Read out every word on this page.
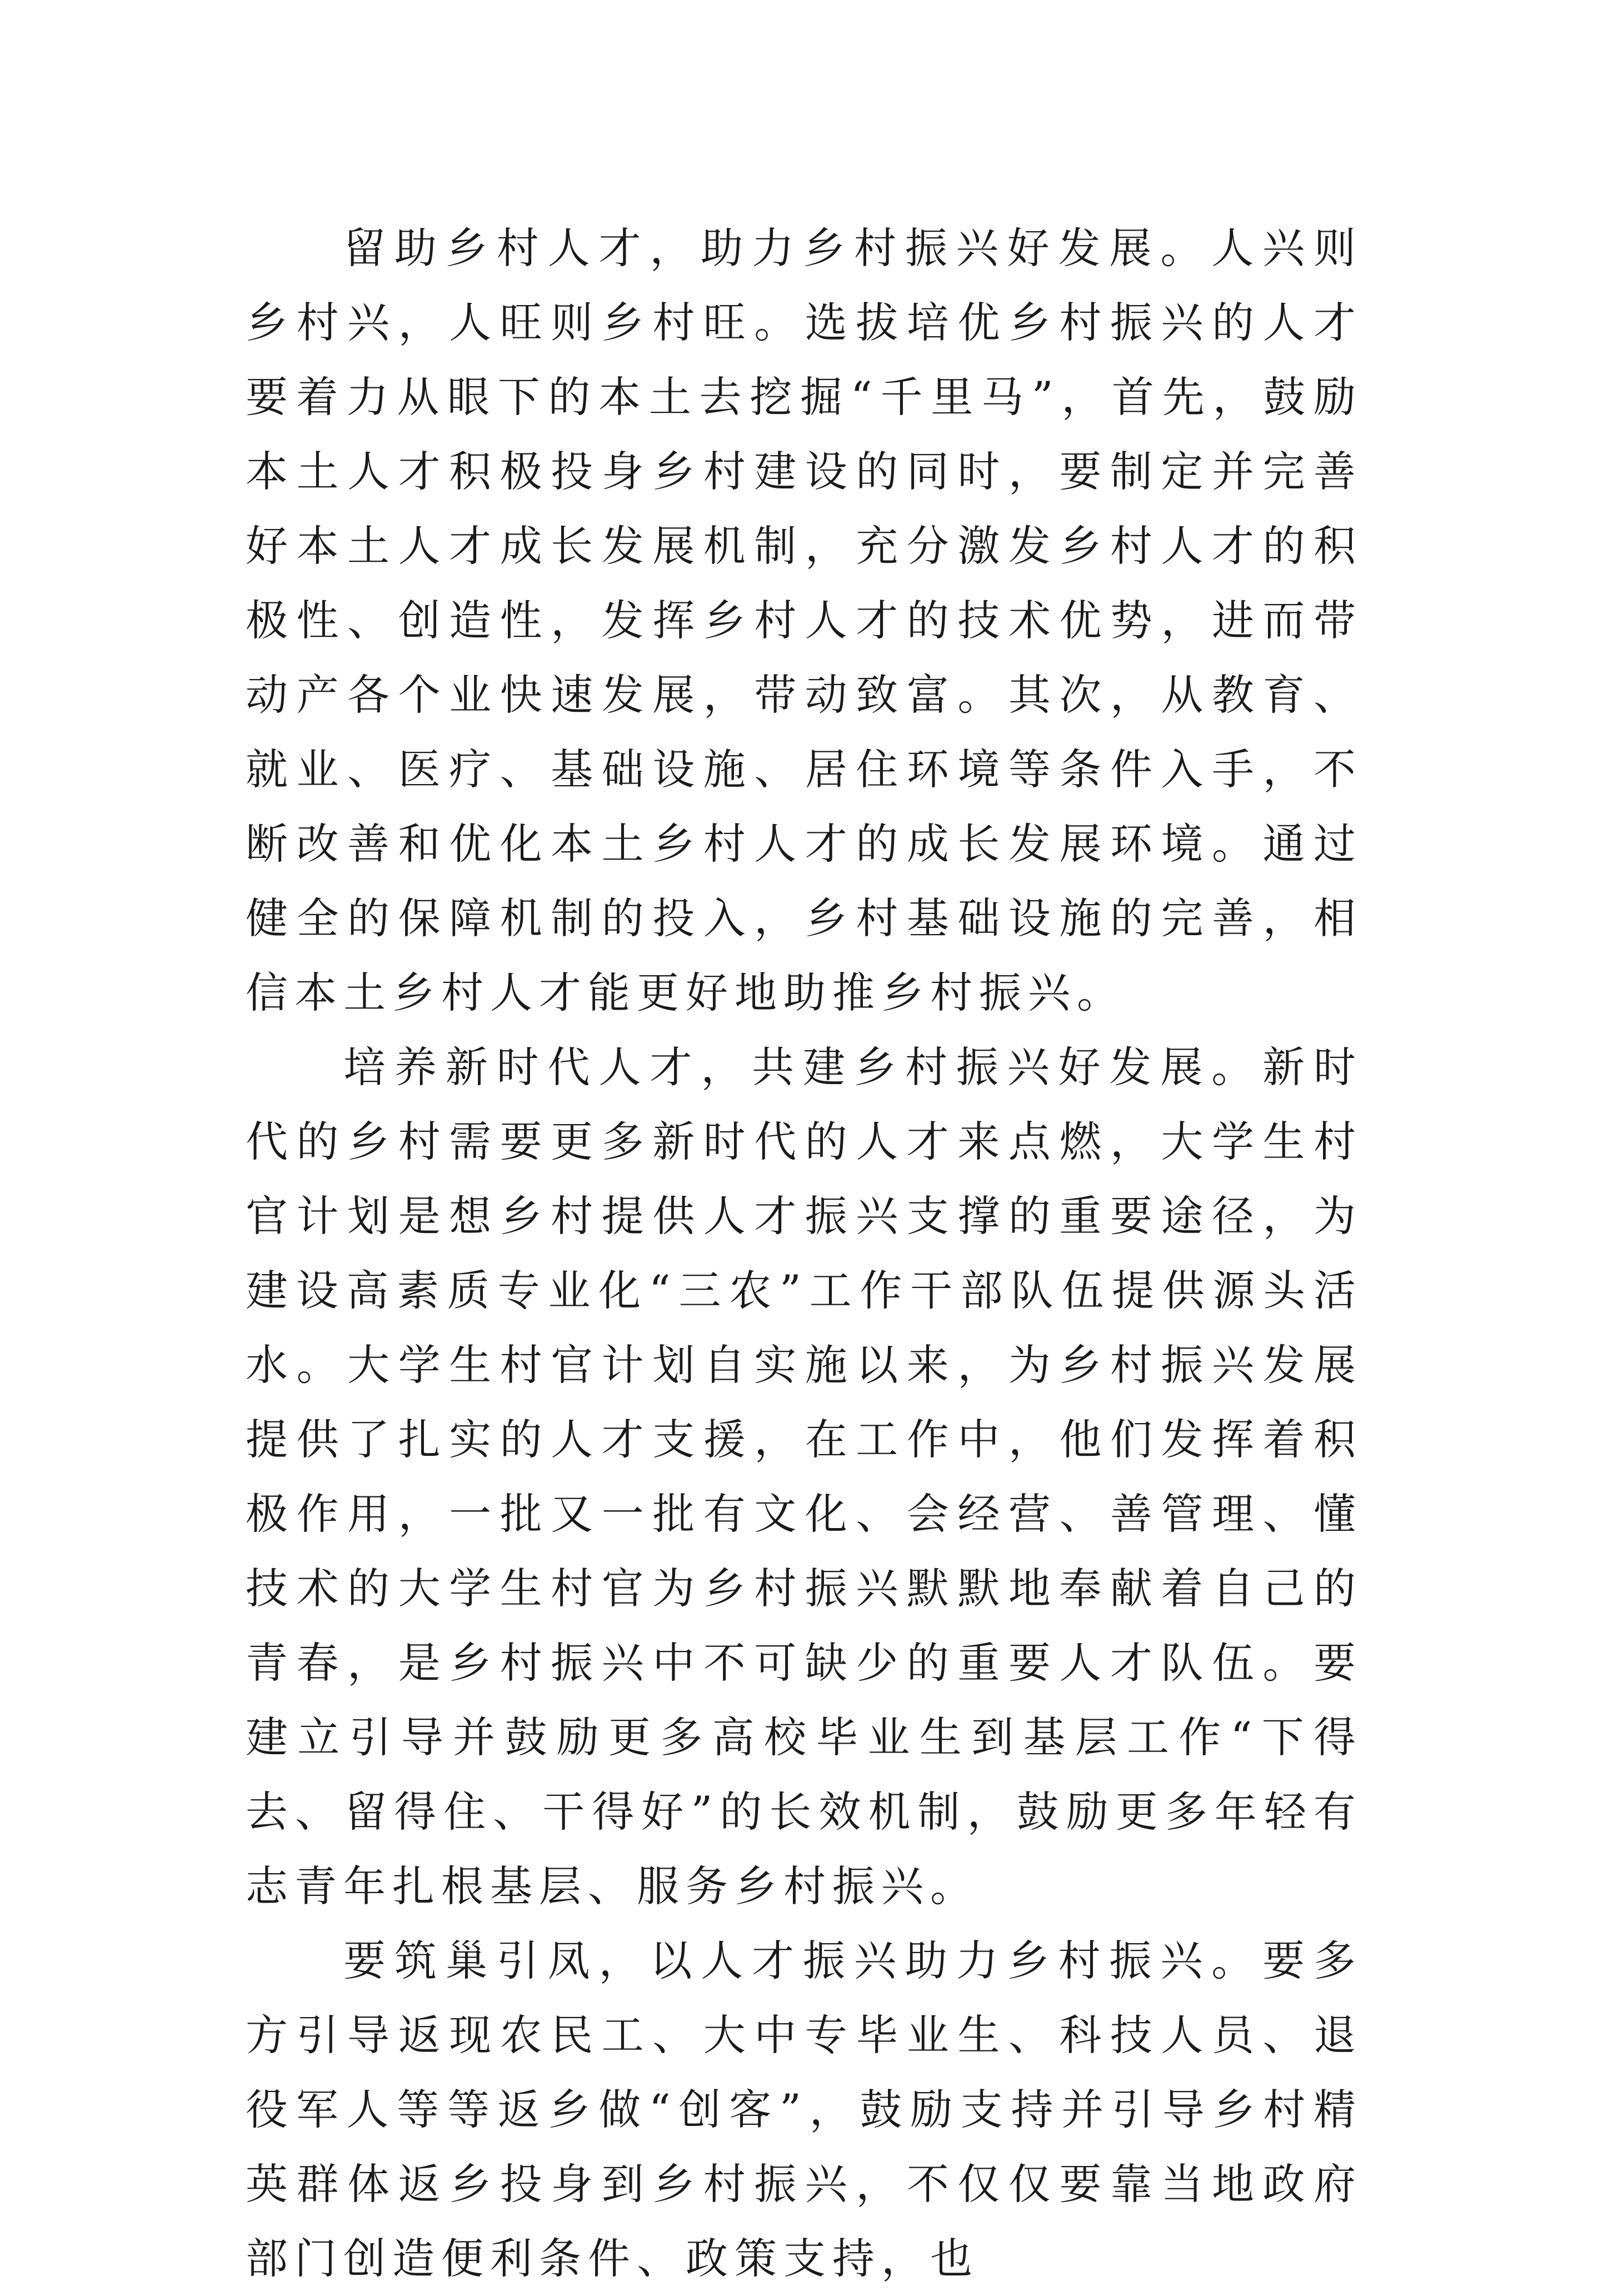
留助乡村人才，助力乡村振兴好发展。人兴则乡村兴，人旺则乡村旺。选拔培优乡村振兴的人才要着力从眼下的本土去挖掘“千里马”，首先，鼓励本土人才积极投身乡村建设的同时，要制定并完善好本土人才成长发展机制，充分激发乡村人才的积极性、创造性，发挥乡村人才的技术优势，进而带动产各个业快速发展，带动致富。其次，从教育、就业、医疗、基础设施、居住环境等条件入手，不断改善和优化本土乡村人才的成长发展环境。通过健全的保障机制的投入，乡村基础设施的完善，相信本土乡村人才能更好地助推乡村振兴。

培养新时代人才，共建乡村振兴好发展。新时代的乡村需要更多新时代的人才来点燃，大学生村官计划是想乡村提供人才振兴支撑的重要途径，为建设高素质专业化“三农”工作干部队伍提供源头活水。大学生村官计划自实施以来，为乡村振兴发展提供了扎实的人才支援，在工作中，他们发挥着积极作用，一批又一批有文化、会经营、善管理、懂技术的大学生村官为乡村振兴默默地奉献着自己的青春，是乡村振兴中不可缺少的重要人才队伍。要建立引导并鼓励更多高校毕业生到基层工作“下得去、留得住、干得好”的长效机制，鼓励更多年轻有志青年扎根基层、服务乡村振兴。

要筑巢引凤，以人才振兴助力乡村振兴。要多方引导返现农民工、大中专毕业生、科技人员、退役军人等等返乡做“创客”，鼓励支持并引导乡村精英群体返乡投身到乡村振兴，不仅仅要靠当地政府部门创造便利条件、政策支持，也
